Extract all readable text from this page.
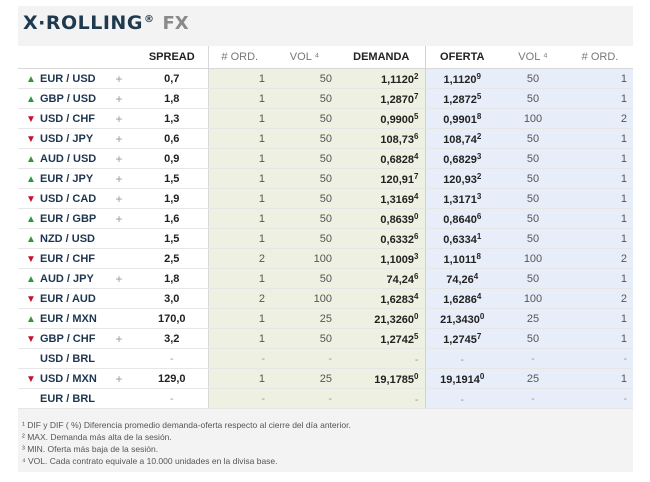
X·ROLLING® FX
		SPREAD	# ORD.	VOL ⁴	DEMANDA	OFERTA	VOL ⁴	# ORD.
▲ EUR / USD	+	0,7	1	50	1,1120$^2$	1,1120$^9$	50	1
▲ GBP / USD	+	1,8	1	50	1,2870$^7$	1,2872$^5$	50	1
▼ USD / CHF	+	1,3	1	50	0,9900$^5$	0,9901$^8$	100	2
▼ USD / JPY	+	0,6	1	50	108,73$^6$	108,74$^2$	50	1
▲ AUD / USD	+	0,9	1	50	0,6828$^4$	0,6829$^3$	50	1
▲ EUR / JPY	+	1,5	1	50	120,91$^7$	120,93$^2$	50	1
▼ USD / CAD	+	1,9	1	50	1,3169$^4$	1,3171$^3$	50	1
▲ EUR / GBP	+	1,6	1	50	0,8639$^0$	0,8640$^6$	50	1
▲ NZD / USD		1,5	1	50	0,6332$^6$	0,6334$^1$	50	1
▼ EUR / CHF		2,5	2	100	1,1009$^3$	1,1011$^8$	100	2
▲ AUD / JPY	+	1,8	1	50	74,24$^6$	74,26$^4$	50	1
▼ EUR / AUD		3,0	2	100	1,6283$^4$	1,6286$^4$	100	2
▲ EUR / MXN		170,0	1	25	21,3260$^0$	21,3430$^0$	25	1
▼ GBP / CHF	+	3,2	1	50	1,2742$^5$	1,2745$^7$	50	1
USD / BRL		-	-	-	-	-	-	-
▼ USD / MXN	+	129,0	1	25	19,1785$^0$	19,1914$^0$	25	1
EUR / BRL		-	-	-	-	-	-	-
¹ DIF y DIF ( %) Diferencia promedio demanda-oferta respecto al cierre del día anterior.
² MAX. Demanda más alta de la sesión.
³ MIN. Oferta más baja de la sesión.
⁴ VOL. Cada contrato equivale a 10.000 unidades en la divisa base.
